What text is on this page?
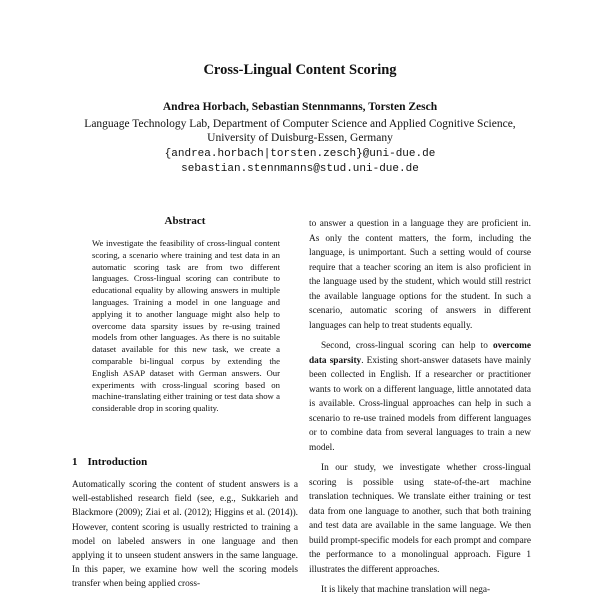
Cross-Lingual Content Scoring
Andrea Horbach, Sebastian Stennmanns, Torsten Zesch
Language Technology Lab, Department of Computer Science and Applied Cognitive Science,
University of Duisburg-Essen, Germany
{andrea.horbach|torsten.zesch}@uni-due.de
sebastian.stennmanns@stud.uni-due.de
Abstract
We investigate the feasibility of cross-lingual content scoring, a scenario where training and test data in an automatic scoring task are from two different languages. Cross-lingual scoring can contribute to educational equality by allowing answers in multiple languages. Training a model in one language and applying it to another language might also help to overcome data sparsity issues by re-using trained models from other languages. As there is no suitable dataset available for this new task, we create a comparable bi-lingual corpus by extending the English ASAP dataset with German answers. Our experiments with cross-lingual scoring based on machine-translating either training or test data show a considerable drop in scoring quality.
1 Introduction

Automatically scoring the content of student answers is a well-established research field (see, e.g., Sukkarieh and Blackmore (2009); Ziai et al. (2012); Higgins et al. (2014)). However, content scoring is usually restricted to training a model on labeled answers in one language and then applying it to unseen student answers in the same language. In this paper, we examine how well the scoring models transfer when being applied cross-

to answer a question in a language they are proficient in. As only the content matters, the form, including the language, is unimportant. Such a setting would of course require that a teacher scoring an item is also proficient in the language used by the student, which would still restrict the available language options for the student. In such a scenario, automatic scoring of answers in different languages can help to treat students equally.

Second, cross-lingual scoring can help to overcome data sparsity. Existing short-answer datasets have mainly been collected in English. If a researcher or practitioner wants to work on a different language, little annotated data is available. Cross-lingual approaches can help in such a scenario to re-use trained models from different languages or to combine data from several languages to train a new model.

In our study, we investigate whether cross-lingual scoring is possible using state-of-the-art machine translation techniques. We translate either training or test data from one language to another, such that both training and test data are available in the same language. We then build prompt-specific models for each prompt and compare the performance to a monolingual approach. Figure 1 illustrates the different approaches.

It is likely that machine translation will nega-
